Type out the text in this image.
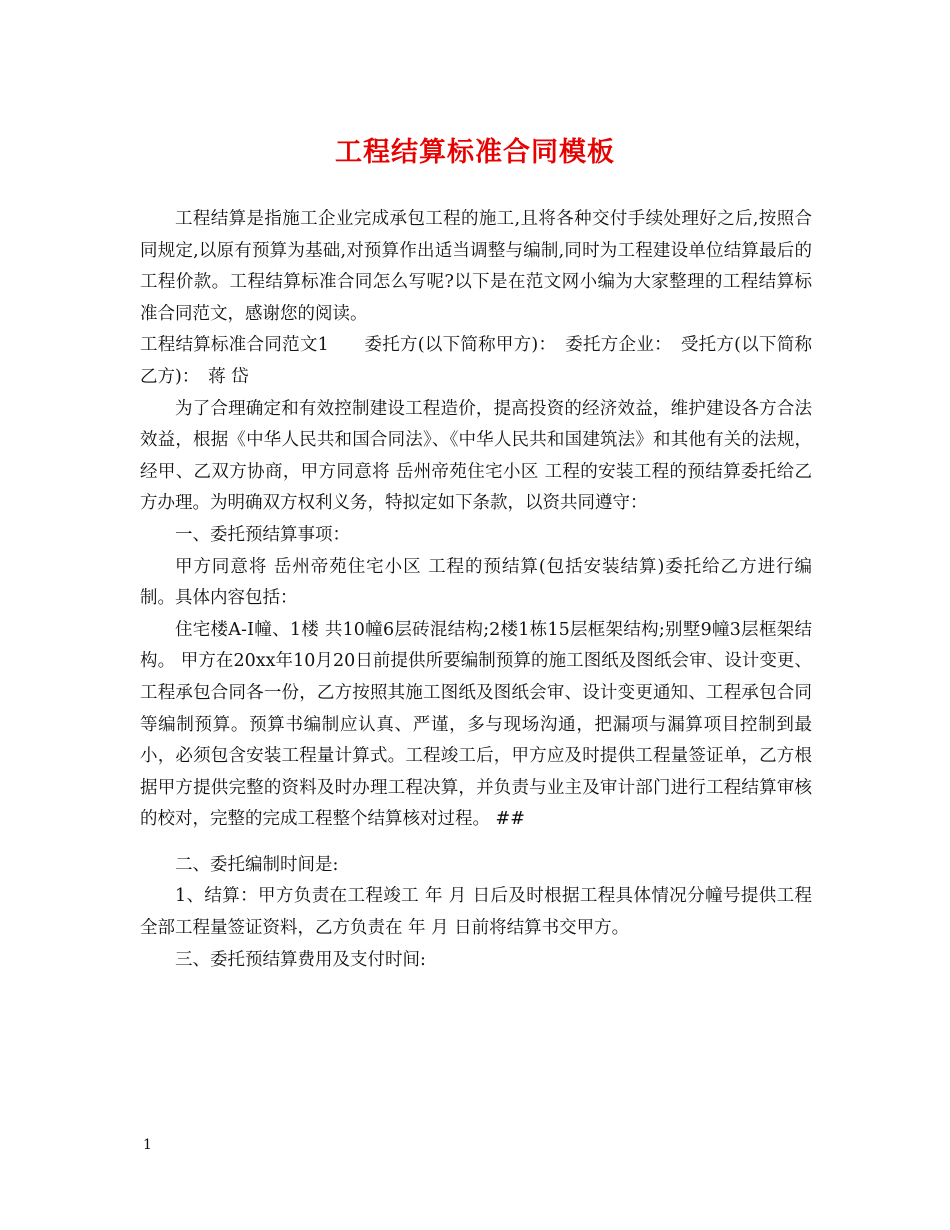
工程结算标准合同模板

工程结算是指施工企业完成承包工程的施工,且将各种交付手续处理好之后,按照合同规定,以原有预算为基础,对预算作出适当调整与编制,同时为工程建设单位结算最后的工程价款。工程结算标准合同怎么写呢?以下是在范文网小编为大家整理的工程结算标准合同范文，感谢您的阅读。

工程结算标准合同范文1　　委托方(以下简称甲方)：　委托方企业：　受托方(以下简称乙方)：　蒋 岱

为了合理确定和有效控制建设工程造价，提高投资的经济效益，维护建设各方合法效益，根据《中华人民共和国合同法》、《中华人民共和国建筑法》和其他有关的法规，经甲、乙双方协商，甲方同意将 岳州帝苑住宅小区 工程的安装工程的预结算委托给乙方办理。为明确双方权利义务，特拟定如下条款，以资共同遵守：

一、委托预结算事项：

甲方同意将 岳州帝苑住宅小区 工程的预结算(包括安装结算)委托给乙方进行编制。具体内容包括：

住宅楼A-Ⅰ幢、1楼 共10幢6层砖混结构;2楼1栋15层框架结构;别墅9幢3层框架结构。 甲方在20xx年10月20日前提供所要编制预算的施工图纸及图纸会审、设计变更、工程承包合同各一份，乙方按照其施工图纸及图纸会审、设计变更通知、工程承包合同等编制预算。预算书编制应认真、严谨，多与现场沟通，把漏项与漏算项目控制到最小，必须包含安装工程量计算式。工程竣工后，甲方应及时提供工程量签证单，乙方根据甲方提供完整的资料及时办理工程决算，并负责与业主及审计部门进行工程结算审核的校对，完整的完成工程整个结算核对过程。 ##

二、委托编制时间是:

1、结算：甲方负责在工程竣工 年 月 日后及时根据工程具体情况分幢号提供工程全部工程量签证资料，乙方负责在 年 月 日前将结算书交甲方。

三、委托预结算费用及支付时间:

1
